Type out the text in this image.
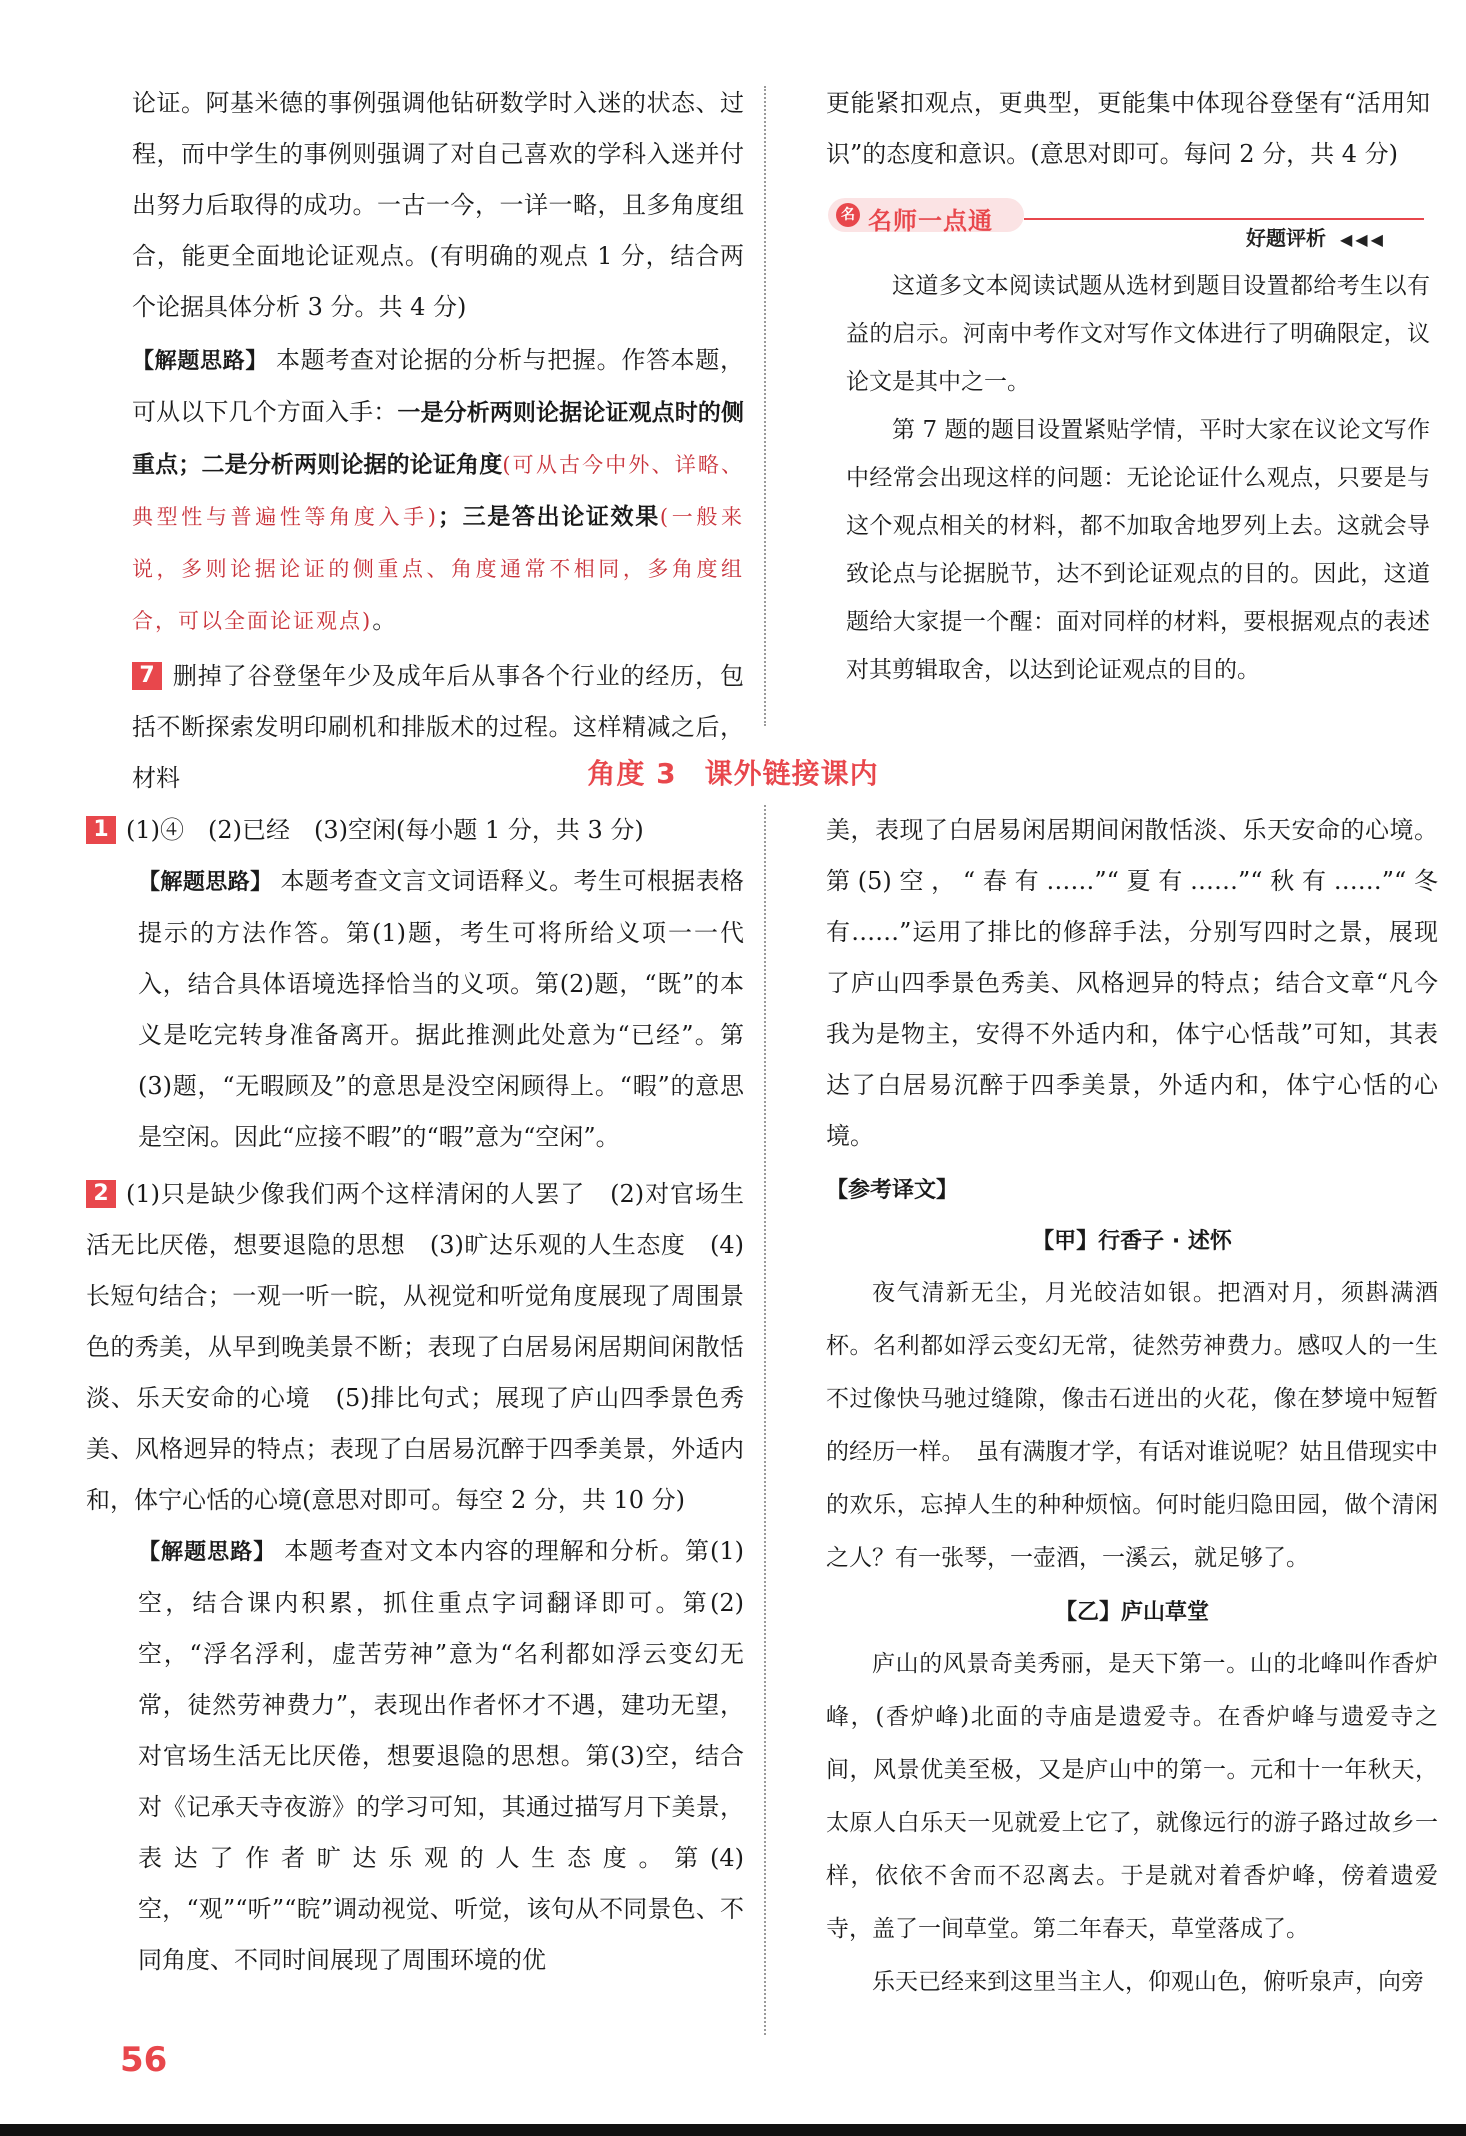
论证。阿基米德的事例强调他钻研数学时入迷的状态、过程，而中学生的事例则强调了对自己喜欢的学科入迷并付出努力后取得的成功。一古一今，一详一略，且多角度组合，能更全面地论证观点。(有明确的观点 1 分，结合两个论据具体分析 3 分。共 4 分)

【解题思路】 本题考查对论据的分析与把握。作答本题，可从以下几个方面入手：一是分析两则论据论证观点时的侧重点；二是分析两则论据的论证角度(可从古今中外、详略、典型性与普遍性等角度入手)；三是答出论证效果(一般来说，多则论据论证的侧重点、角度通常不相同，多角度组合，可以全面论证观点)。

7 删掉了谷登堡年少及成年后从事各个行业的经历，包括不断探索发明印刷机和排版术的过程。这样精减之后，材料

更能紧扣观点，更典型，更能集中体现谷登堡有“活用知识”的态度和意识。(意思对即可。每问 2 分，共 4 分)

名 名师一点通
好题评析 ◀◀◀

这道多文本阅读试题从选材到题目设置都给考生以有益的启示。河南中考作文对写作文体进行了明确限定，议论文是其中之一。

第 7 题的题目设置紧贴学情，平时大家在议论文写作中经常会出现这样的问题：无论论证什么观点，只要是与这个观点相关的材料，都不加取舍地罗列上去。这就会导致论点与论据脱节，达不到论证观点的目的。因此，这道题给大家提一个醒：面对同样的材料，要根据观点的表述对其剪辑取舍，以达到论证观点的目的。

角度 3 课外链接课内

1 (1)④　(2)已经　(3)空闲(每小题 1 分，共 3 分)

【解题思路】 本题考查文言文词语释义。考生可根据表格提示的方法作答。第(1)题，考生可将所给义项一一代入，结合具体语境选择恰当的义项。第(2)题，“既”的本义是吃完转身准备离开。据此推测此处意为“已经”。第(3)题，“无暇顾及”的意思是没空闲顾得上。“暇”的意思是空闲。因此“应接不暇”的“暇”意为“空闲”。

2 (1)只是缺少像我们两个这样清闲的人罢了　(2)对官场生活无比厌倦，想要退隐的思想　(3)旷达乐观的人生态度　(4)长短句结合；一观一听一睆，从视觉和听觉角度展现了周围景色的秀美，从早到晚美景不断；表现了白居易闲居期间闲散恬淡、乐天安命的心境　(5)排比句式；展现了庐山四季景色秀美、风格迥异的特点；表现了白居易沉醉于四季美景，外适内和，体宁心恬的心境(意思对即可。每空 2 分，共 10 分)

【解题思路】 本题考查对文本内容的理解和分析。第(1)空，结合课内积累，抓住重点字词翻译即可。第(2)空，“浮名浮利，虚苦劳神”意为“名利都如浮云变幻无常，徒然劳神费力”，表现出作者怀才不遇，建功无望，对官场生活无比厌倦，想要退隐的思想。第(3)空，结合对《记承天寺夜游》的学习可知，其通过描写月下美景，表达了作者旷达乐观的人生态度。第(4)空，“观”“听”“睆”调动视觉、听觉，该句从不同景色、不同角度、不同时间展现了周围环境的优

美，表现了白居易闲居期间闲散恬淡、乐天安命的心境。第(5)空，“春有……”“夏有……”“秋有……”“冬有……”运用了排比的修辞手法，分别写四时之景，展现了庐山四季景色秀美、风格迥异的特点；结合文章“凡今我为是物主，安得不外适内和，体宁心恬哉”可知，其表达了白居易沉醉于四季美景，外适内和，体宁心恬的心境。

【参考译文】

【甲】行香子 · 述怀

夜气清新无尘，月光皎洁如银。把酒对月，须斟满酒杯。名利都如浮云变幻无常，徒然劳神费力。感叹人的一生不过像快马驰过缝隙，像击石迸出的火花，像在梦境中短暂的经历一样。　虽有满腹才学，有话对谁说呢？姑且借现实中的欢乐，忘掉人生的种种烦恼。何时能归隐田园，做个清闲之人？有一张琴，一壶酒，一溪云，就足够了。

【乙】庐山草堂

庐山的风景奇美秀丽，是天下第一。山的北峰叫作香炉峰，(香炉峰)北面的寺庙是遗爱寺。在香炉峰与遗爱寺之间，风景优美至极，又是庐山中的第一。元和十一年秋天，太原人白乐天一见就爱上它了，就像远行的游子路过故乡一样，依依不舍而不忍离去。于是就对着香炉峰，傍着遗爱寺，盖了一间草堂。第二年春天，草堂落成了。

乐天已经来到这里当主人，仰观山色，俯听泉声，向旁

56
